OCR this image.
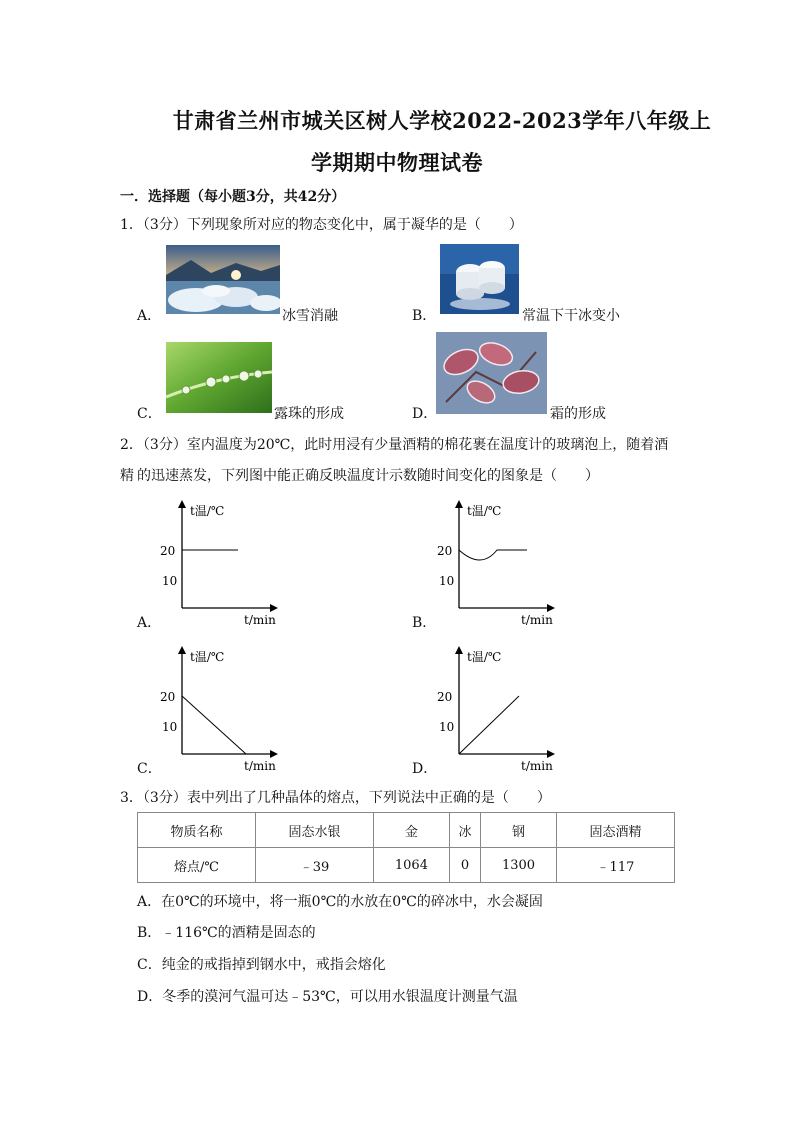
甘肃省兰州市城关区树人学校2022-2023学年八年级上
学期期中物理试卷
一．选择题（每小题3分，共42分）
1．（3分）下列现象所对应的物态变化中，属于凝华的是（　　）
A．	冰雪消融	B．	常温下干冰变小
C．	露珠的形成	D．	霜的形成
2．（3分）室内温度为20℃，此时用浸有少量酒精的棉花裹在温度计的玻璃泡上，随着酒精 的迅速蒸发，下列图中能正确反映温度计示数随时间变化的图象是（　　）
t温/℃
20
10
t/min
A．
t温/℃
20
10
t/min
B．
t温/℃
20
10
t/min
C．
t温/℃
20
10
t/min
D．
3．（3分）表中列出了几种晶体的熔点，下列说法中正确的是（　　）
物质名称	固态水银	金	冰	钢	固态酒精
熔点/℃	﹣39	1064	0	1300	﹣117
A．在0℃的环境中，将一瓶0℃的水放在0℃的碎冰中，水会凝固
B．﹣116℃的酒精是固态的
C．纯金的戒指掉到钢水中，戒指会熔化
D．冬季的漠河气温可达﹣53℃，可以用水银温度计测量气温
